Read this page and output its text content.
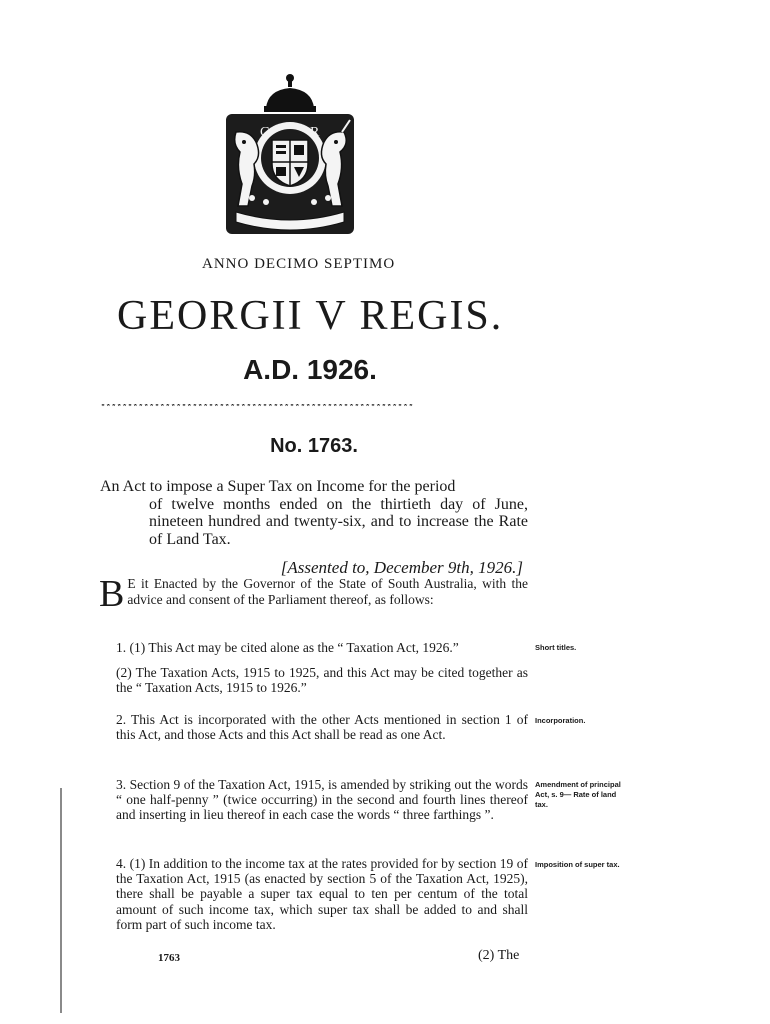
G	R
ANNO DECIMO SEPTIMO
GEORGII V REGIS.
A.D. 1926.
**********************************************************
No. 1763.
An Act to impose a Super Tax on Income for the period
of twelve months ended on the thirtieth day of June, nineteen hundred and twenty-six, and to increase the Rate of Land Tax.
[Assented to, December 9th, 1926.]
B E it Enacted by the Governor of the State of South Australia, with the advice and consent of the Parliament thereof, as follows:
1. (1) This Act may be cited alone as the “ Taxation Act, 1926.”	Short titles.
(2) The Taxation Acts, 1915 to 1925, and this Act may be cited together as the “ Taxation Acts, 1915 to 1926.”
2. This Act is incorporated with the other Acts mentioned in section 1 of this Act, and those Acts and this Act shall be read as one Act.
Incorporation.
3. Section 9 of the Taxation Act, 1915, is amended by striking out the words “ one half-penny ” (twice occurring) in the second and fourth lines thereof and inserting in lieu thereof in each case the words “ three farthings ”.
Amendment of principal Act, s. 9— Rate of land tax.
4. (1) In addition to the income tax at the rates provided for by section 19 of the Taxation Act, 1915 (as enacted by section 5 of the Taxation Act, 1925), there shall be payable a super tax equal to ten per centum of the total amount of such income tax, which super tax shall be added to and shall form part of such income tax.
Imposition of super tax.
1763	(2) The
